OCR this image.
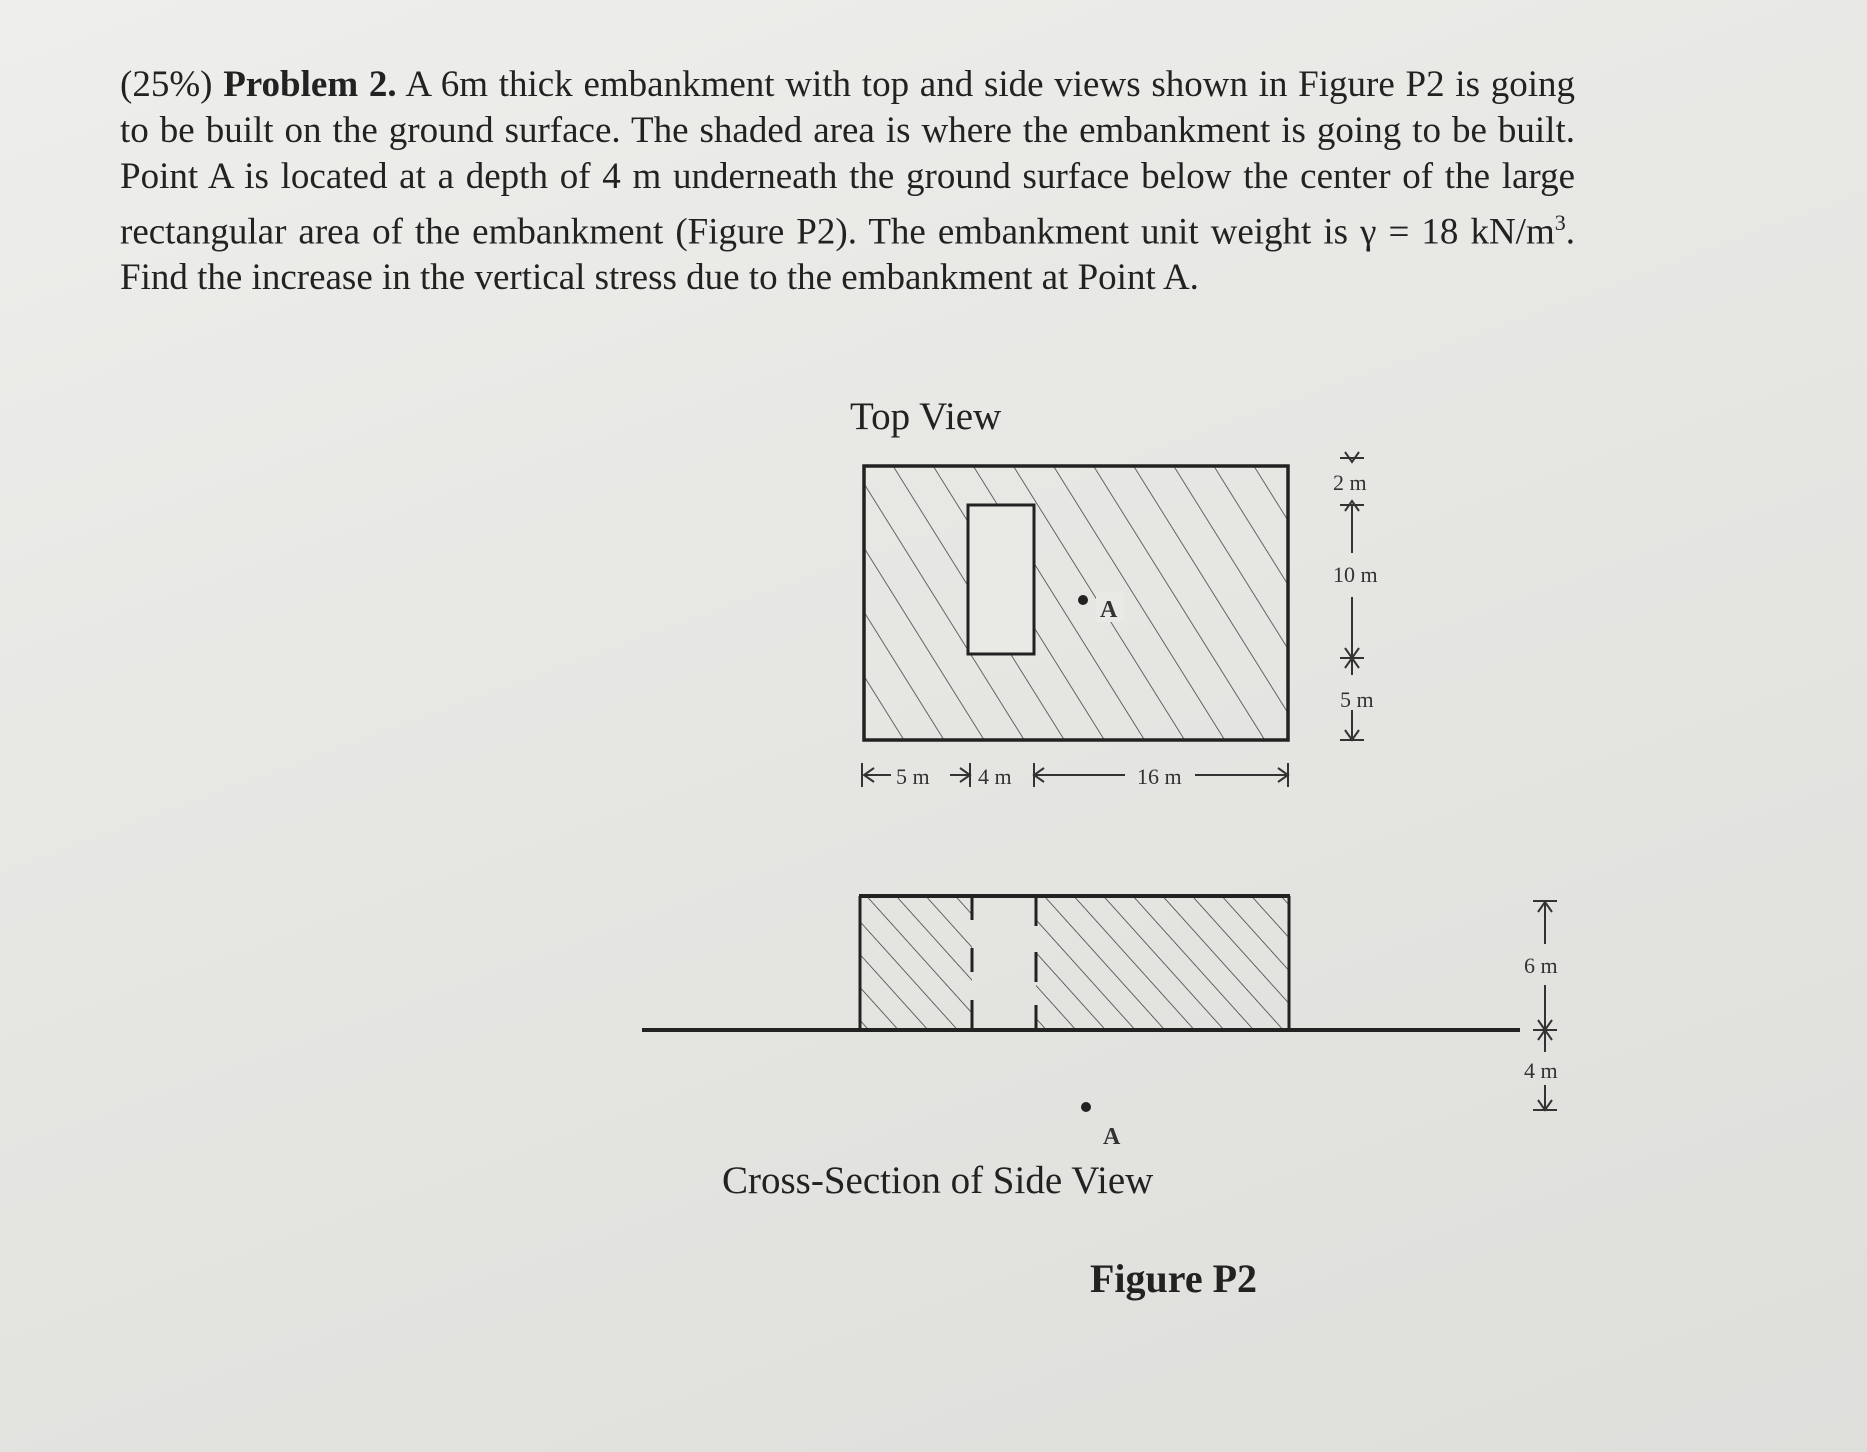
(25%) Problem 2. A 6m thick embankment with top and side views shown in Figure P2 is going to be built on the ground surface. The shaded area is where the embankment is going to be built. Point A is located at a depth of 4 m underneath the ground surface below the center of the large rectangular area of the embankment (Figure P2). The embankment unit weight is γ = 18 $kN/m^3$. Find the increase in the vertical stress due to the embankment at Point A.
Top View
Cross-Section of Side View
Figure P2
A
5 m 4 m	16 m
2 m
10 m
5 m
A
6 m
4 m
